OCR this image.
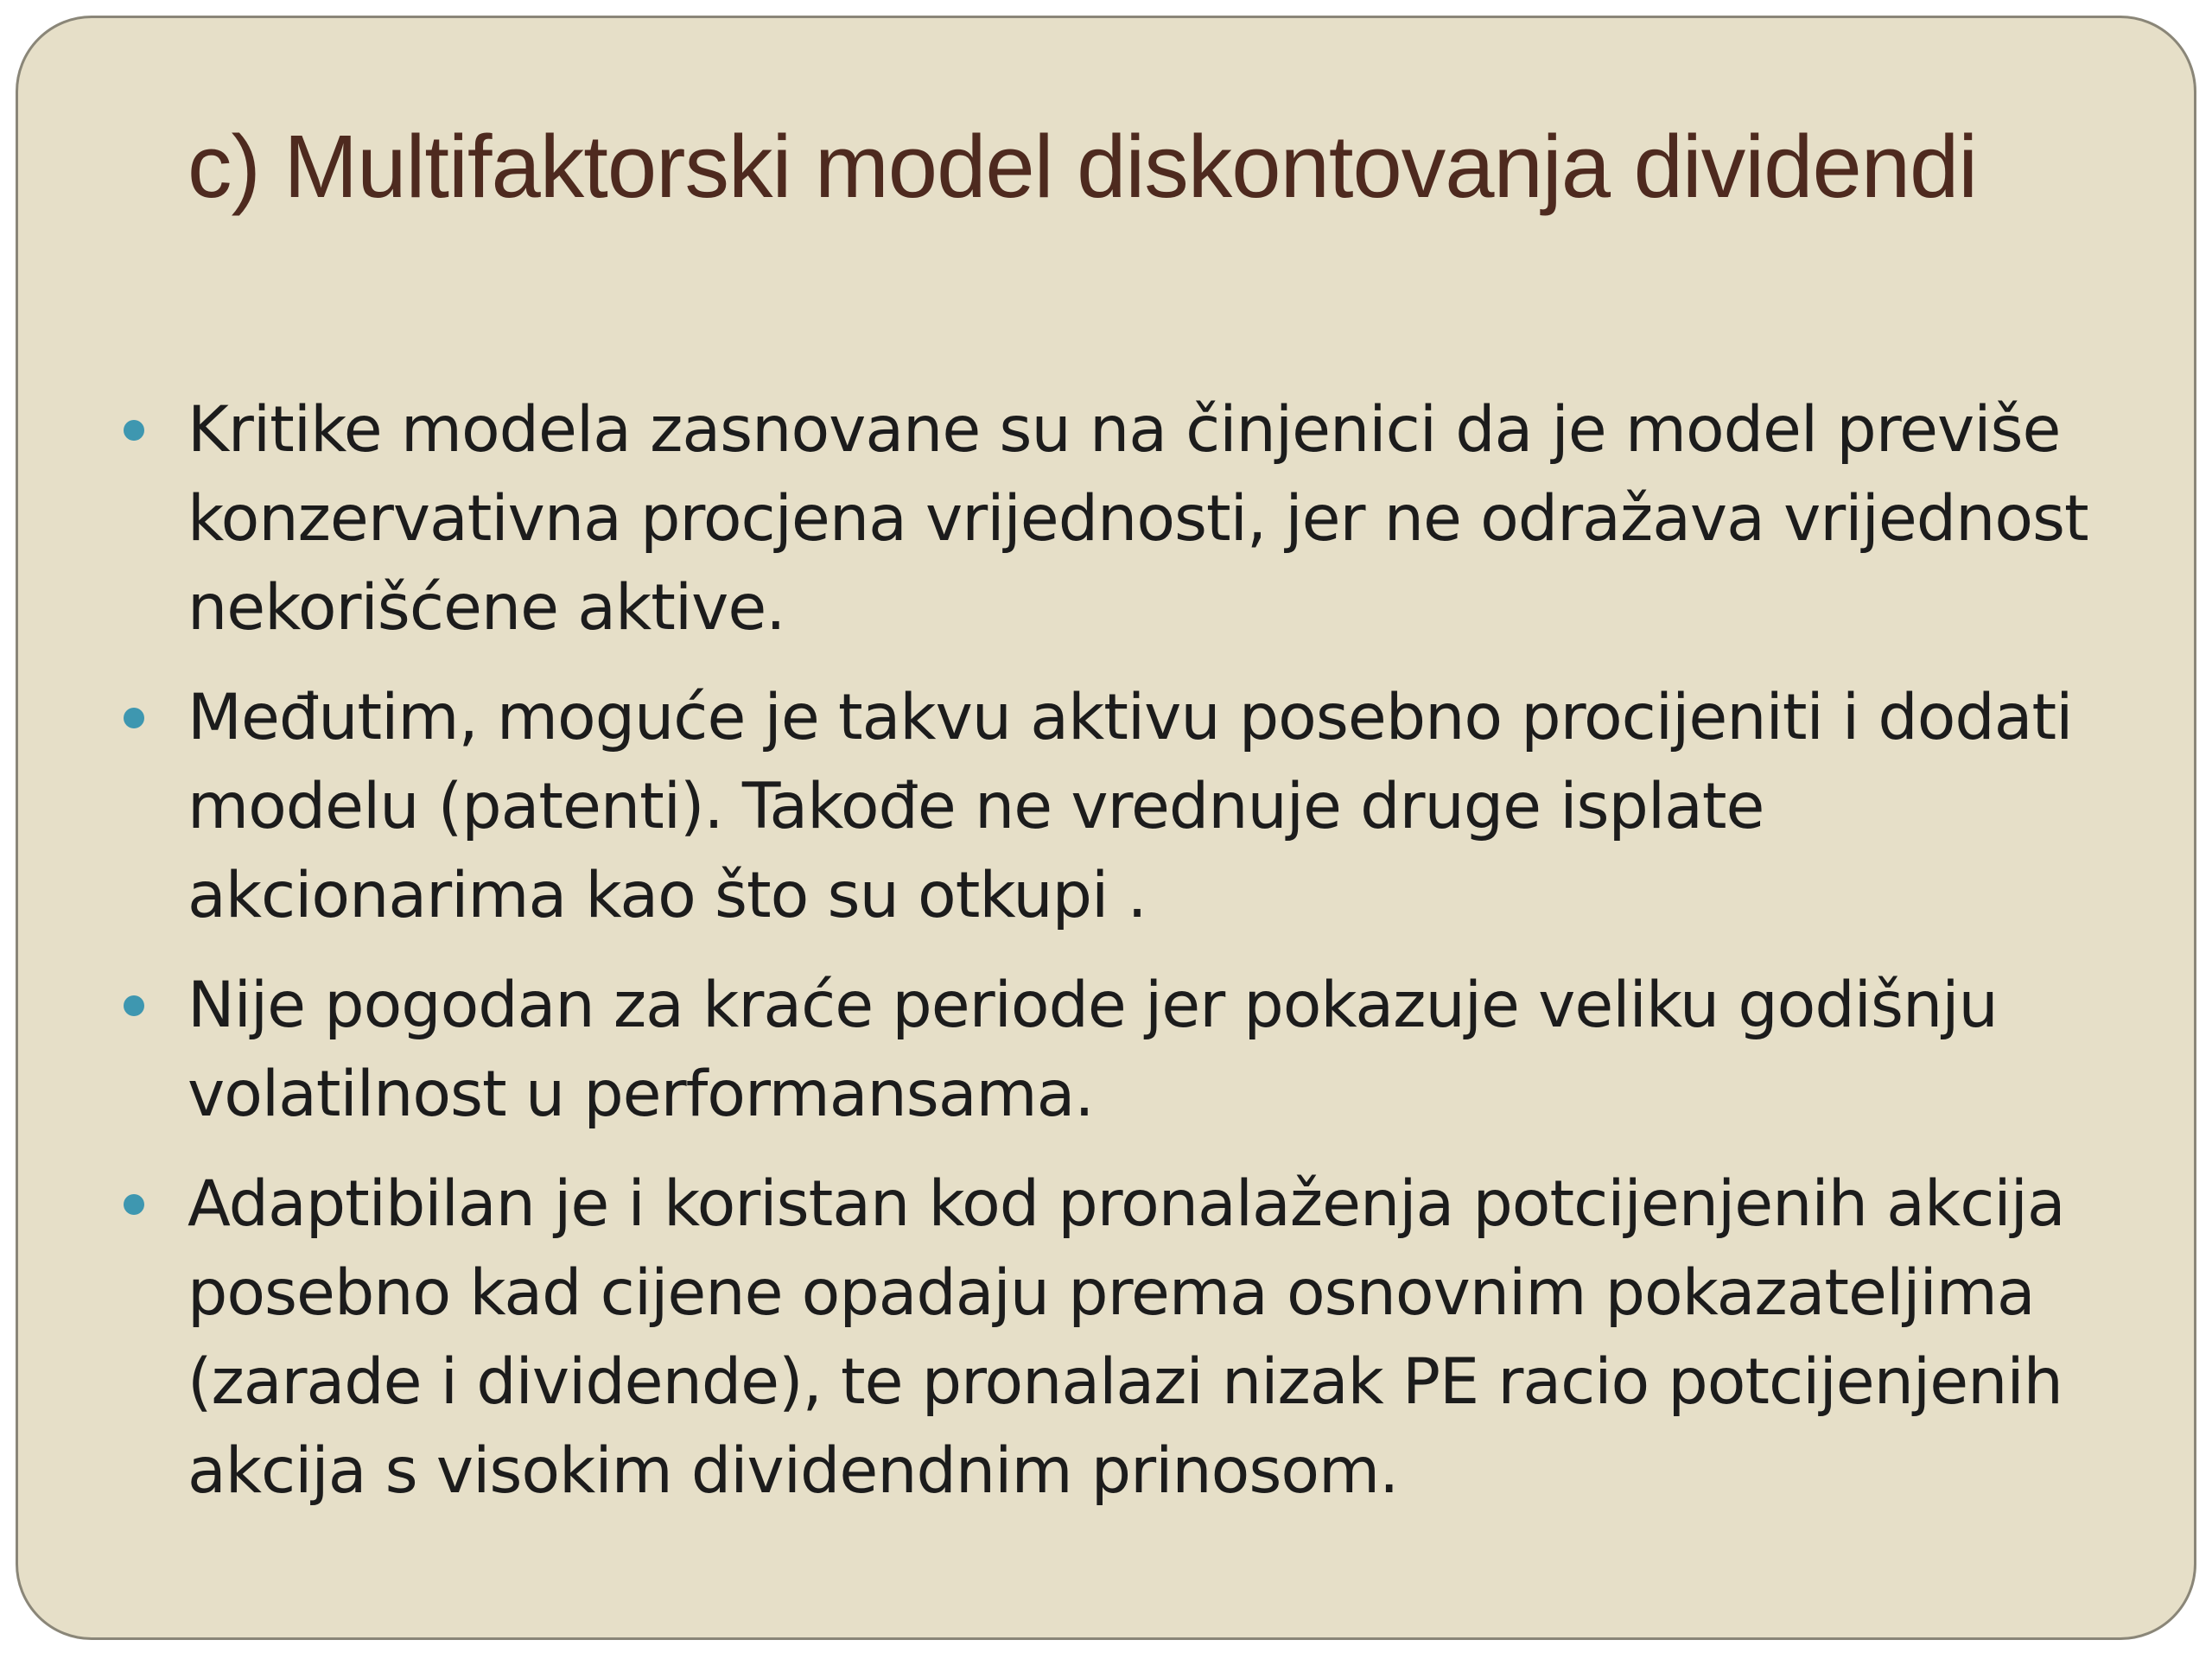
c) Multifaktorski model diskontovanja dividendi
Kritike modela zasnovane su na činjenici da je model previše konzervativna procjena vrijednosti, jer ne odražava vrijednost nekorišćene aktive.
Međutim, moguće je takvu aktivu posebno procijeniti i dodati modelu (patenti). Takođe ne vrednuje druge isplate akcionarima kao što su otkupi .
Nije pogodan za kraće periode jer pokazuje veliku godišnju volatilnost u performansama.
Adaptibilan je i koristan kod pronalaženja potcijenjenih akcija posebno kad cijene opadaju prema osnovnim pokazateljima (zarade i dividende), te pronalazi nizak PE racio potcijenjenih akcija s visokim dividendnim prinosom.
